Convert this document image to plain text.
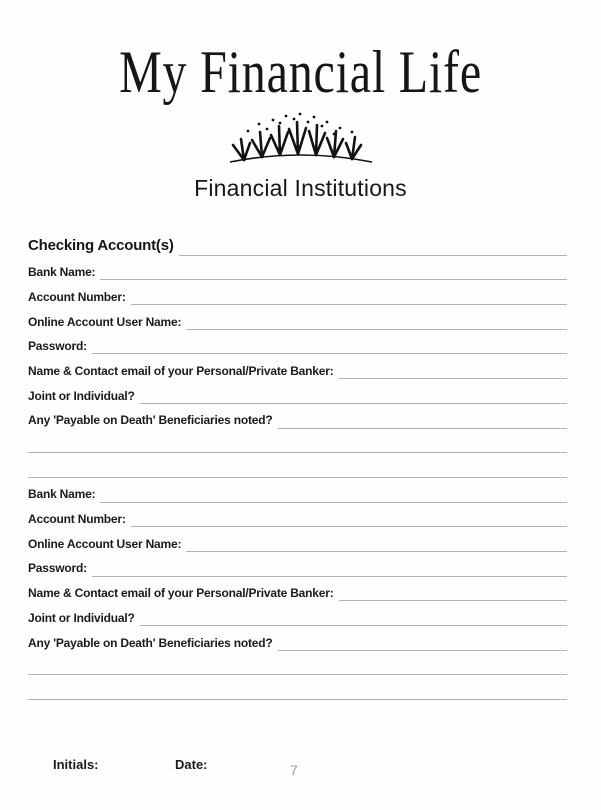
My Financial Life
Financial Institutions
Checking Account(s)
Bank Name:
Account Number:
Online Account User Name:
Password:
Name & Contact email of your Personal/Private Banker:
Joint or Individual?
Any 'Payable on Death' Beneficiaries noted?
Bank Name:
Account Number:
Online Account User Name:
Password:
Name & Contact email of your Personal/Private Banker:
Joint or Individual?
Any 'Payable on Death' Beneficiaries noted?
Initials:	Date:	7
